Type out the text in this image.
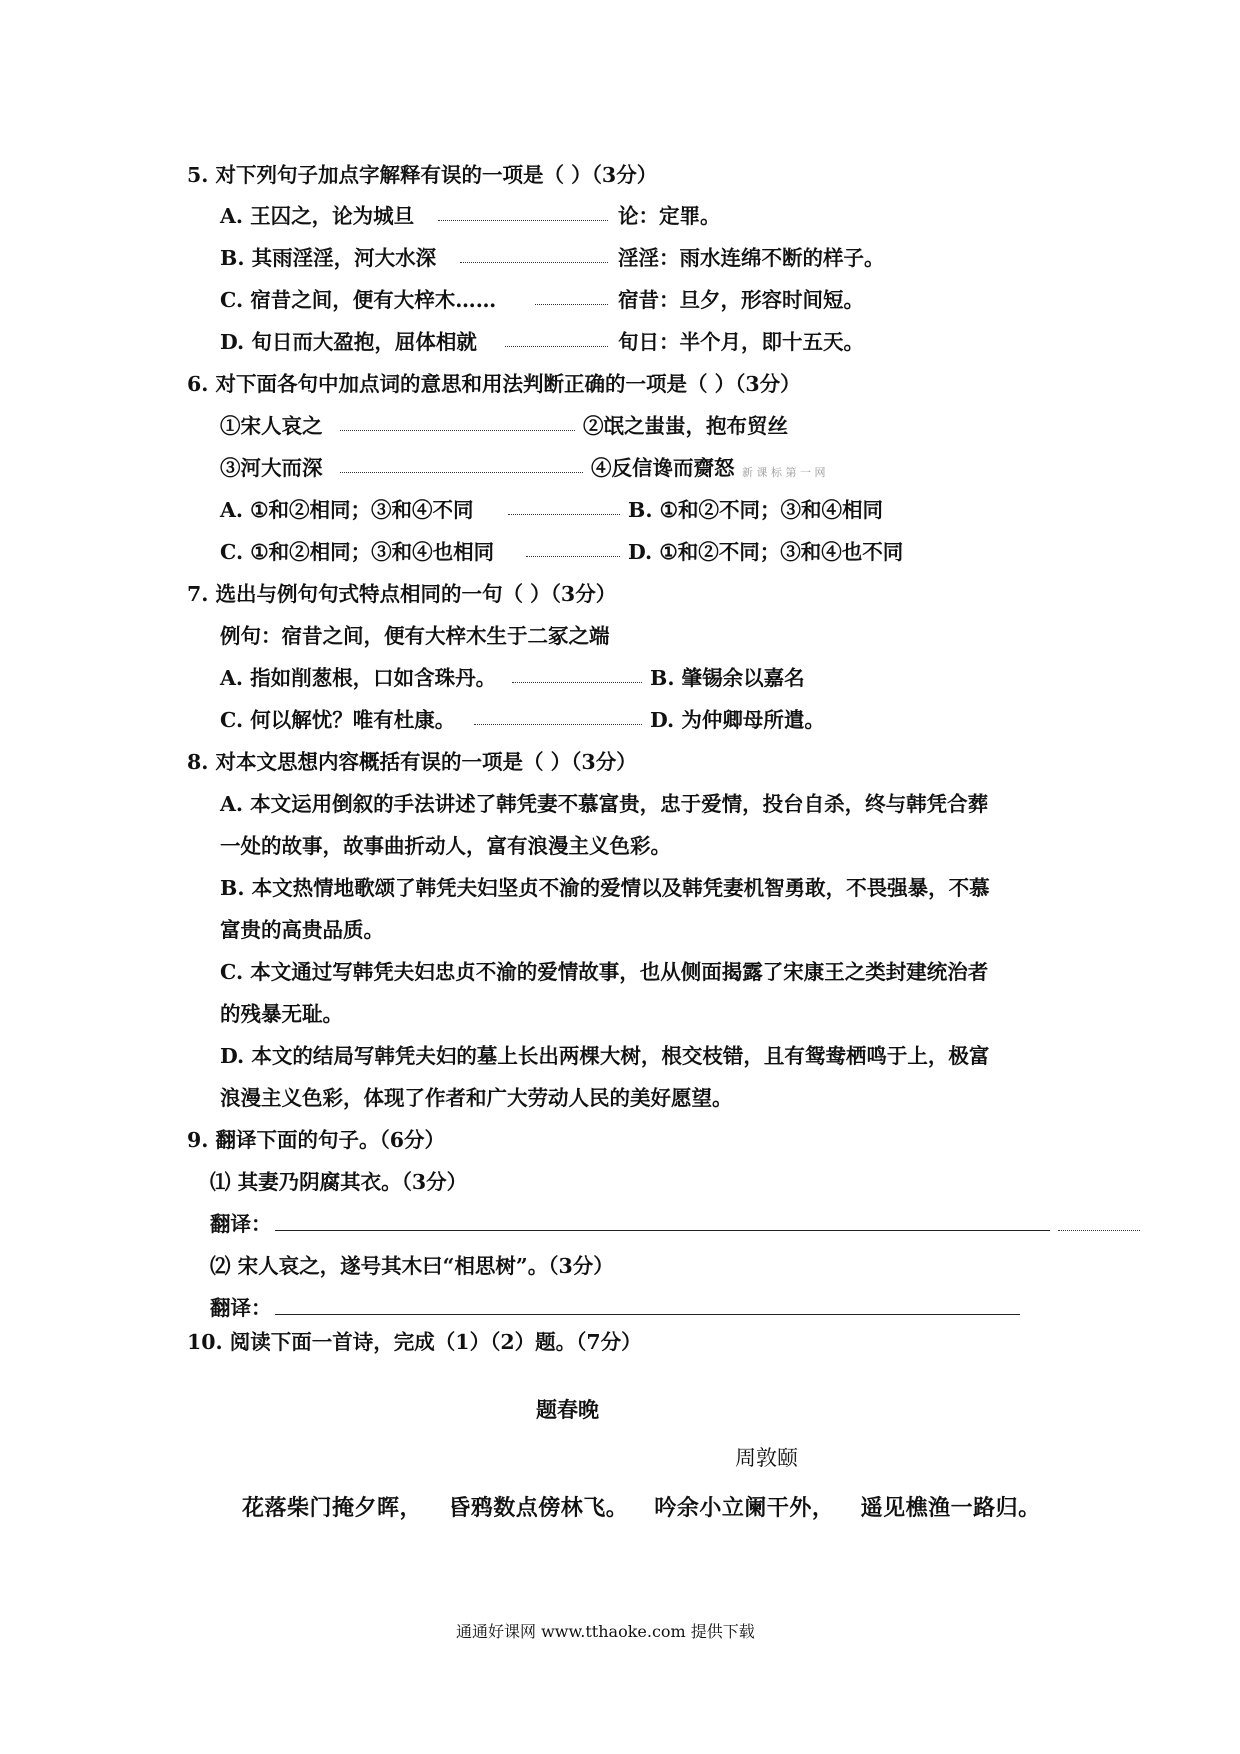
5. 对下列句子加点字解释有误的一项是（ ）（3分）
A. 王囚之，论为城旦	论：定罪。
B. 其雨淫淫，河大水深	淫淫：雨水连绵不断的样子。
C. 宿昔之间，便有大梓木……	宿昔：旦夕，形容时间短。
D. 旬日而大盈抱，屈体相就	旬日：半个月，即十五天。
6. 对下面各句中加点词的意思和用法判断正确的一项是（ ）（3分）
①宋人哀之	②氓之蚩蚩，抱布贸丝
③河大而深	④反信谗而齌怒 新 课 标 第 一 网
A. ①和②相同；③和④不同	B. ①和②不同；③和④相同
C. ①和②相同；③和④也相同	D. ①和②不同；③和④也不同
7. 选出与例句句式特点相同的一句（ ）（3分）
例句：宿昔之间，便有大梓木生于二冢之端
A. 指如削葱根，口如含珠丹。	B. 肇锡余以嘉名
C. 何以解忧？唯有杜康。	D. 为仲卿母所遣。
8. 对本文思想内容概括有误的一项是（ ）（3分）
A. 本文运用倒叙的手法讲述了韩凭妻不慕富贵，忠于爱情，投台自杀，终与韩凭合葬
一处的故事，故事曲折动人，富有浪漫主义色彩。
B. 本文热情地歌颂了韩凭夫妇坚贞不渝的爱情以及韩凭妻机智勇敢，不畏强暴，不慕
富贵的高贵品质。
C. 本文通过写韩凭夫妇忠贞不渝的爱情故事，也从侧面揭露了宋康王之类封建统治者
的残暴无耻。
D. 本文的结局写韩凭夫妇的墓上长出两棵大树，根交枝错，且有鸳鸯栖鸣于上，极富
浪漫主义色彩，体现了作者和广大劳动人民的美好愿望。
9. 翻译下面的句子。（6分）
⑴ 其妻乃阴腐其衣。（3分）
翻译：
⑵ 宋人哀之，遂号其木曰“相思树”。（3分）
翻译：
10. 阅读下面一首诗，完成（1）（2）题。（7分）
题春晚
周敦颐
花落柴门掩夕晖， 昏鸦数点傍林飞。 吟余小立阑干外， 遥见樵渔一路归。
通通好课网 www.tthaoke.com 提供下载
